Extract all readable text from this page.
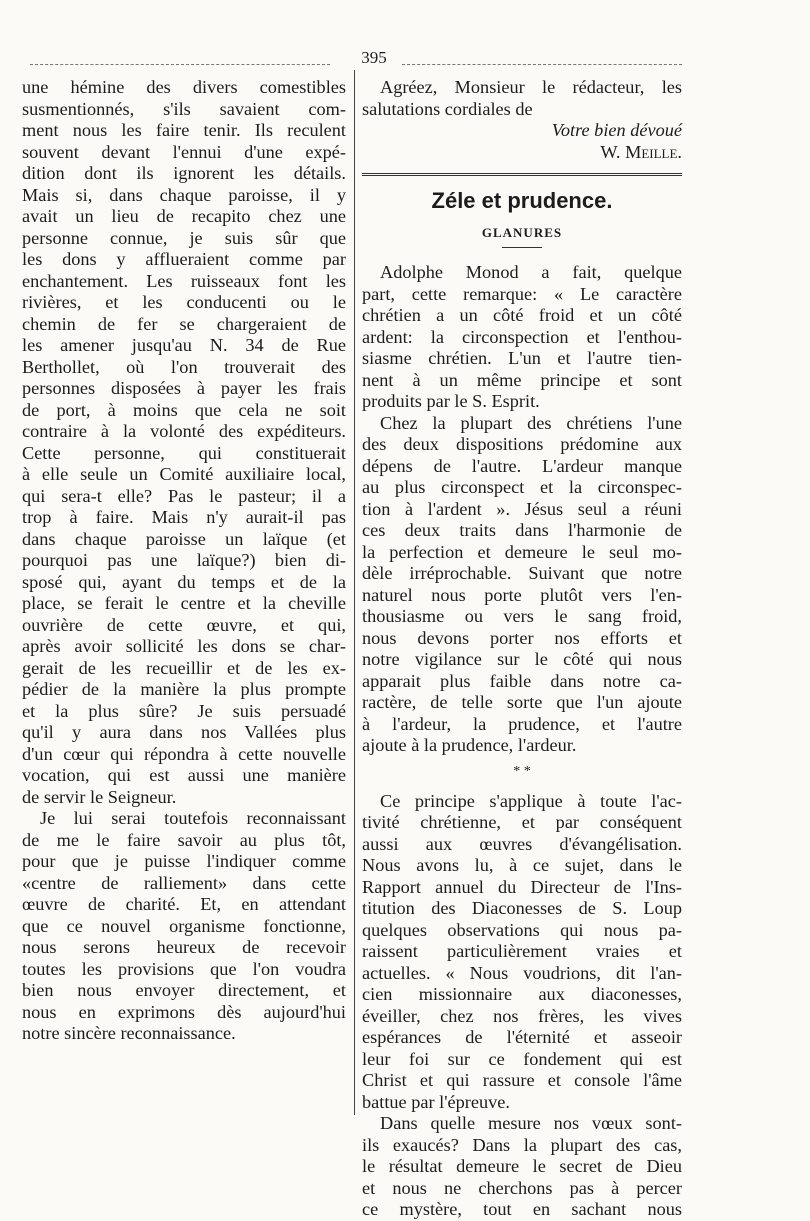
395
une hémine des divers comestibles
susmentionnés, s'ils savaient com-
ment nous les faire tenir. Ils reculent
souvent devant l'ennui d'une expé-
dition dont ils ignorent les détails.
Mais si, dans chaque paroisse, il y
avait un lieu de recapito chez une
personne connue, je suis sûr que
les dons y afflueraient comme par
enchantement. Les ruisseaux font les
rivières, et les conducenti ou le
chemin de fer se chargeraient de
les amener jusqu'au N. 34 de Rue
Berthollet, où l'on trouverait des
personnes disposées à payer les frais
de port, à moins que cela ne soit
contraire à la volonté des expéditeurs.
Cette personne, qui constituerait
à elle seule un Comité auxiliaire local,
qui sera-t elle? Pas le pasteur; il a
trop à faire. Mais n'y aurait-il pas
dans chaque paroisse un laïque (et
pourquoi pas une laïque?) bien di-
sposé qui, ayant du temps et de la
place, se ferait le centre et la cheville
ouvrière de cette œuvre, et qui,
après avoir sollicité les dons se char-
gerait de les recueillir et de les ex-
pédier de la manière la plus prompte
et la plus sûre? Je suis persuadé
qu'il y aura dans nos Vallées plus
d'un cœur qui répondra à cette nouvelle
vocation, qui est aussi une manière
de servir le Seigneur.
Je lui serai toutefois reconnaissant
de me le faire savoir au plus tôt,
pour que je puisse l'indiquer comme
«centre de ralliement» dans cette
œuvre de charité. Et, en attendant
que ce nouvel organisme fonctionne,
nous serons heureux de recevoir
toutes les provisions que l'on voudra
bien nous envoyer directement, et
nous en exprimons dès aujourd'hui
notre sincère reconnaissance.
Agréez, Monsieur le rédacteur, les
salutations cordiales de
Votre bien dévoué
W. Meille.
Zéle et prudence.
GLANURES
Adolphe Monod a fait, quelque
part, cette remarque: « Le caractère
chrétien a un côté froid et un côté
ardent: la circonspection et l'enthou-
siasme chrétien. L'un et l'autre tien-
nent à un même principe et sont
produits par le S. Esprit.
Chez la plupart des chrétiens l'une
des deux dispositions prédomine aux
dépens de l'autre. L'ardeur manque
au plus circonspect et la circonspec-
tion à l'ardent ». Jésus seul a réuni
ces deux traits dans l'harmonie de
la perfection et demeure le seul mo-
dèle irréprochable. Suivant que notre
naturel nous porte plutôt vers l'en-
thousiasme ou vers le sang froid,
nous devons porter nos efforts et
notre vigilance sur le côté qui nous
apparait plus faible dans notre ca-
ractère, de telle sorte que l'un ajoute
à l'ardeur, la prudence, et l'autre
ajoute à la prudence, l'ardeur.
* *
Ce principe s'applique à toute l'ac-
tivité chrétienne, et par conséquent
aussi aux œuvres d'évangélisation.
Nous avons lu, à ce sujet, dans le
Rapport annuel du Directeur de l'Ins-
titution des Diaconesses de S. Loup
quelques observations qui nous pa-
raissent particulièrement vraies et
actuelles. « Nous voudrions, dit l'an-
cien missionnaire aux diaconesses,
éveiller, chez nos frères, les vives
espérances de l'éternité et asseoir
leur foi sur ce fondement qui est
Christ et qui rassure et console l'âme
battue par l'épreuve.
Dans quelle mesure nos vœux sont-
ils exaucés? Dans la plupart des cas,
le résultat demeure le secret de Dieu
et nous ne cherchons pas à percer
ce mystère, tout en sachant nous
